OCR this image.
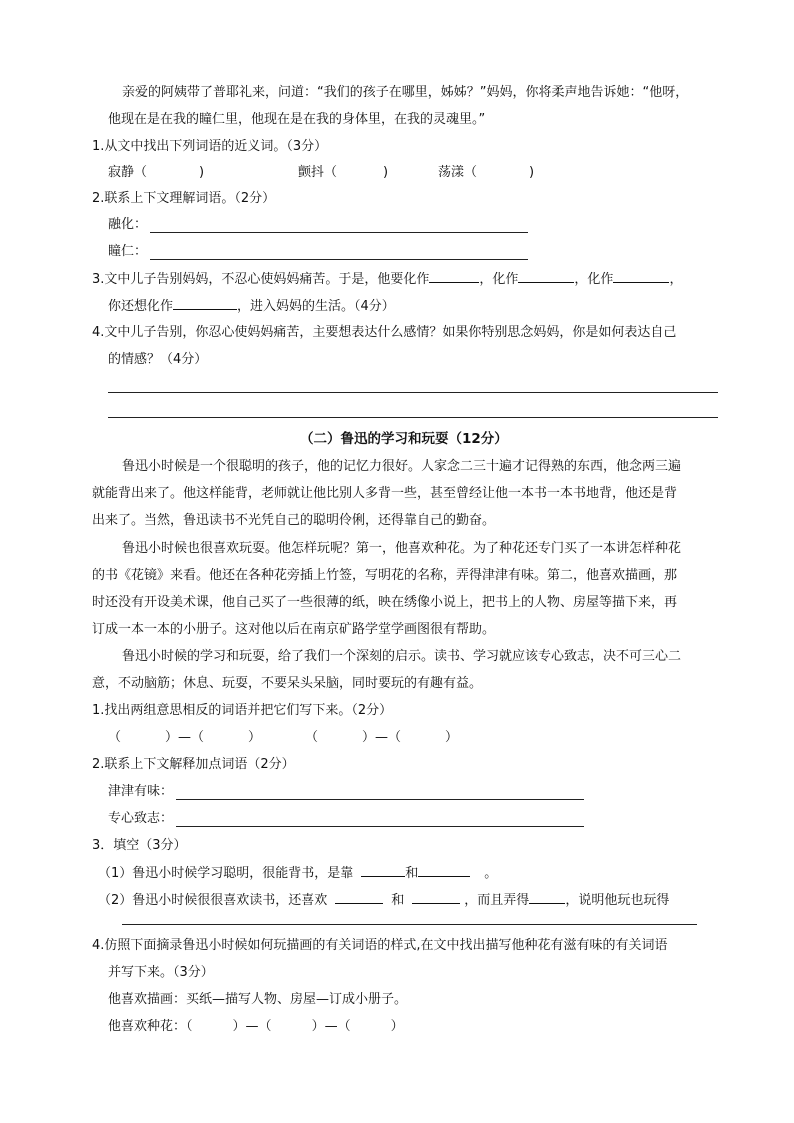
亲爱的阿姨带了普耶礼来，问道：“我们的孩子在哪里，姊姊？”妈妈，你将柔声地告诉她：“他呀，
他现在是在我的瞳仁里，他现在是在我的身体里，在我的灵魂里。”
1.从文中找出下列词语的近义词。（3分）
寂静（	)	颤抖（	)	荡漾（	)
2.联系上下文理解词语。（2分）
融化：
瞳仁：
3.文中儿子告别妈妈，不忍心使妈妈痛苦。于是，他要化作	，化作	，化作	，
你还想化作	，进入妈妈的生活。（4分）
4.文中儿子告别，你忍心使妈妈痛苦，主要想表达什么感情？如果你特别思念妈妈，你是如何表达自己
的情感？（4分）
（二）鲁迅的学习和玩耍（12分）
鲁迅小时候是一个很聪明的孩子，他的记忆力很好。人家念二三十遍才记得熟的东西，他念两三遍
就能背出来了。他这样能背，老师就让他比别人多背一些，甚至曾经让他一本书一本书地背，他还是背
出来了。当然，鲁迅读书不光凭自己的聪明伶俐，还得靠自己的勤奋。
鲁迅小时候也很喜欢玩耍。他怎样玩呢？第一，他喜欢种花。为了种花还专门买了一本讲怎样种花
的书《花镜》来看。他还在各种花旁插上竹签，写明花的名称，弄得津津有味。第二，他喜欢描画，那
时还没有开设美术课，他自己买了一些很薄的纸，映在绣像小说上，把书上的人物、房屋等描下来，再
订成一本一本的小册子。这对他以后在南京矿路学堂学画图很有帮助。
鲁迅小时候的学习和玩耍，给了我们一个深刻的启示。读书、学习就应该专心致志，决不可三心二
意，不动脑筋；休息、玩耍，不要呆头呆脑，同时要玩的有趣有益。
1.找出两组意思相反的词语并把它们写下来。（2分）
（	）—（	）	（	）—（	）
2.联系上下文解释加点词语（2分）
津津有味：
专心致志：
3．填空（3分）
（1）鲁迅小时候学习聪明，很能背书，是靠	和	。
（2）鲁迅小时候很很喜欢读书，还喜欢	和	，而且弄得	，说明他玩也玩得
4.仿照下面摘录鲁迅小时候如何玩描画的有关词语的样式,在文中找出描写他种花有滋有味的有关词语
并写下来。（3分）
他喜欢描画：买纸—描写人物、房屋—订成小册子。
他喜欢种花：（	）—（	）—（	）
